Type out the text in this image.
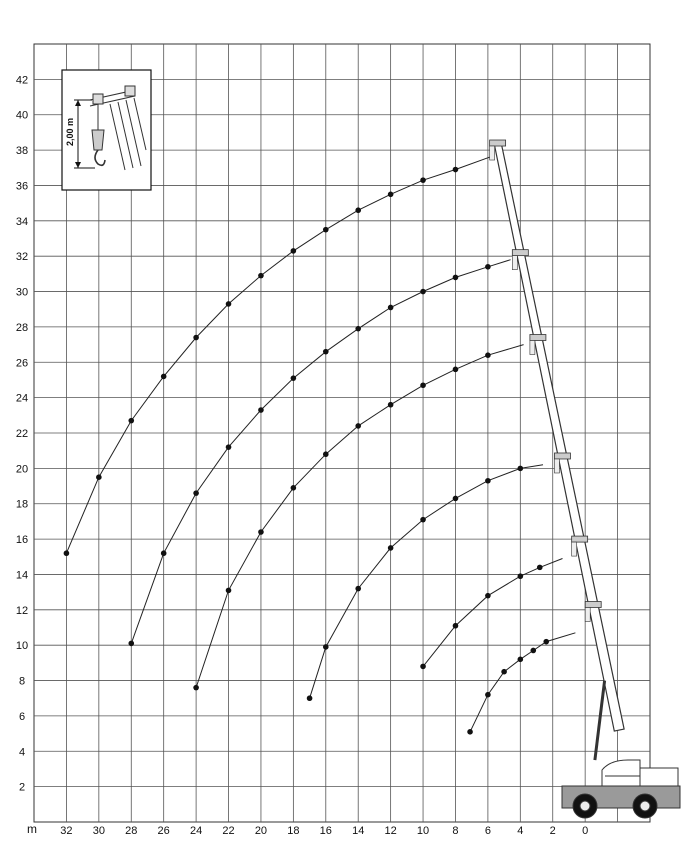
32 30 28 26 24 22 20 18 16 14 12 10 8 6 4 2 0
2
4
6
8
10
12
14
16
18
20
22
24
26
28
30
32
34
36
38
40
42
m
2,00 m
